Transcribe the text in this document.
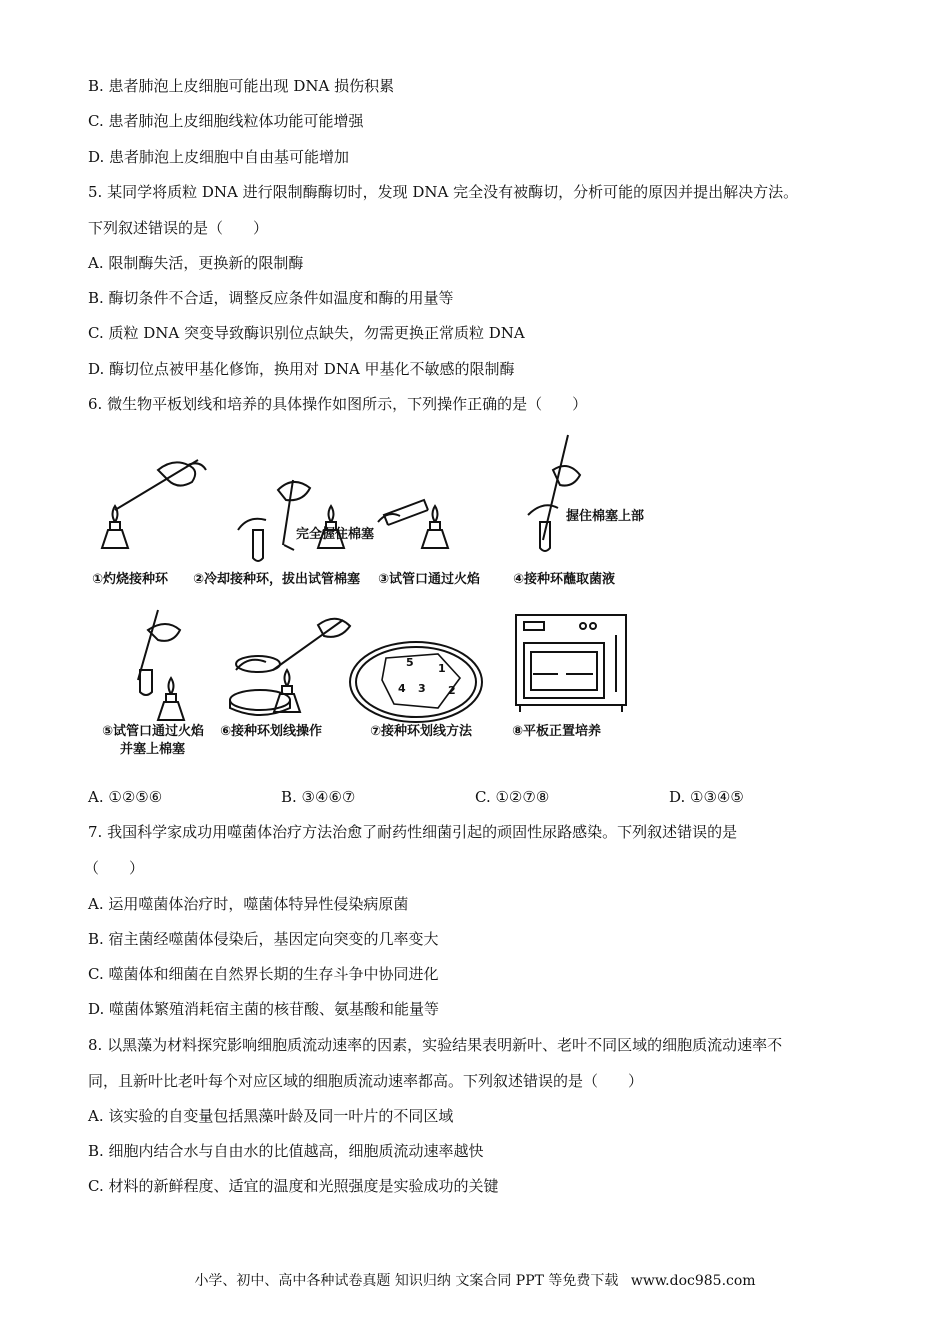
B. 患者肺泡上皮细胞可能出现 DNA 损伤积累
C. 患者肺泡上皮细胞线粒体功能可能增强
D. 患者肺泡上皮细胞中自由基可能增加
5. 某同学将质粒 DNA 进行限制酶酶切时，发现 DNA 完全没有被酶切，分析可能的原因并提出解决方法。
下列叙述错误的是（　　）
A. 限制酶失活，更换新的限制酶
B. 酶切条件不合适，调整反应条件如温度和酶的用量等
C. 质粒 DNA 突变导致酶识别位点缺失，勿需更换正常质粒 DNA
D. 酶切位点被甲基化修饰，换用对 DNA 甲基化不敏感的限制酶
6. 微生物平板划线和培养的具体操作如图所示，下列操作正确的是（　　）
完全握住棉塞
握住棉塞上部
5 1
4 3 2
①灼烧接种环 ②冷却接种环，拔出试管棉塞 ③试管口通过火焰	④接种环蘸取菌液
⑤试管口通过火焰
并塞上棉塞
⑥接种环划线操作	⑦接种环划线方法	⑧平板正置培养
A. ①②⑤⑥	B. ③④⑥⑦	C. ①②⑦⑧	D. ①③④⑤
7. 我国科学家成功用噬菌体治疗方法治愈了耐药性细菌引起的顽固性尿路感染。下列叙述错误的是
（　　）
A. 运用噬菌体治疗时，噬菌体特异性侵染病原菌
B. 宿主菌经噬菌体侵染后，基因定向突变的几率变大
C. 噬菌体和细菌在自然界长期的生存斗争中协同进化
D. 噬菌体繁殖消耗宿主菌的核苷酸、氨基酸和能量等
8. 以黑藻为材料探究影响细胞质流动速率的因素，实验结果表明新叶、老叶不同区域的细胞质流动速率不
同，且新叶比老叶每个对应区域的细胞质流动速率都高。下列叙述错误的是（　　）
A. 该实验的自变量包括黑藻叶龄及同一叶片的不同区域
B. 细胞内结合水与自由水的比值越高，细胞质流动速率越快
C. 材料的新鲜程度、适宜的温度和光照强度是实验成功的关键
小学、初中、高中各种试卷真题 知识归纳 文案合同 PPT 等免费下载 www.doc985.com
